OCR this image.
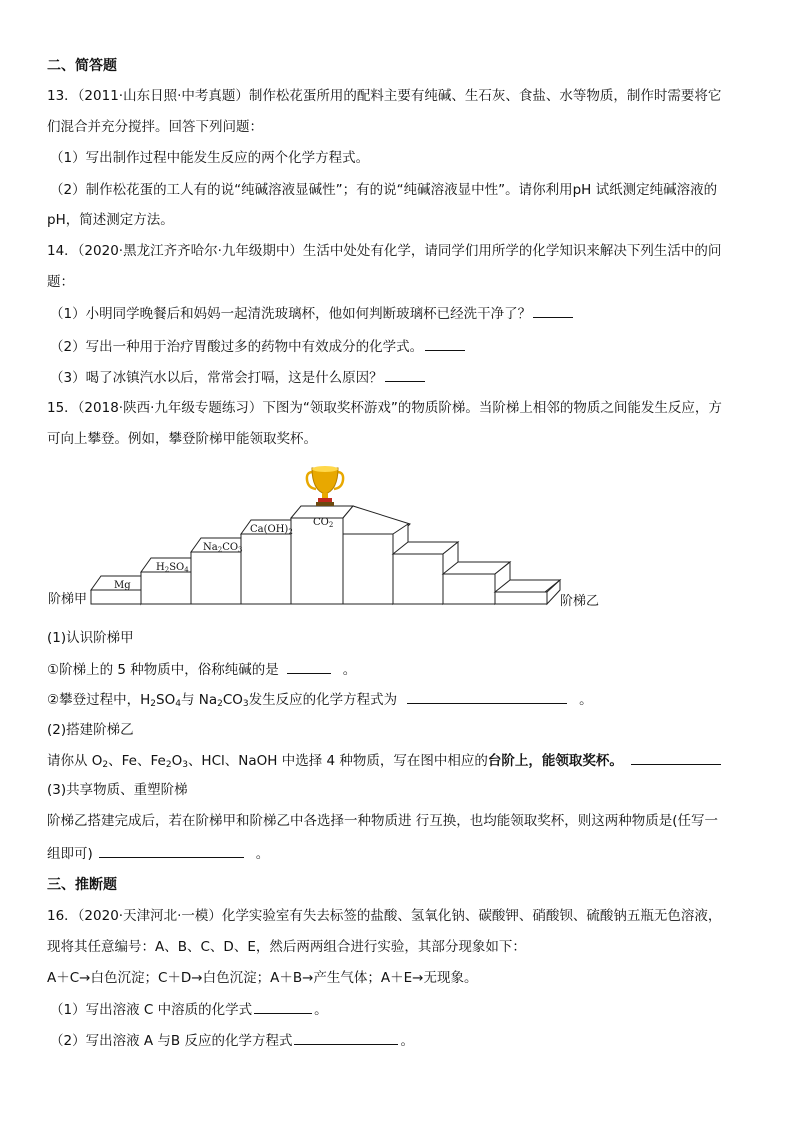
二、简答题
13．（2011·山东日照·中考真题）制作松花蛋所用的配料主要有纯碱、生石灰、食盐、水等物质，制作时需要将它
们混合并充分搅拌。回答下列问题：
（1）写出制作过程中能发生反应的两个化学方程式。
（2）制作松花蛋的工人有的说“纯碱溶液显碱性”；有的说“纯碱溶液显中性”。请你利用pH 试纸测定纯碱溶液的
pH，简述测定方法。
14．（2020·黑龙江齐齐哈尔·九年级期中）生活中处处有化学，请同学们用所学的化学知识来解决下列生活中的问
题：
（1）小明同学晚餐后和妈妈一起清洗玻璃杯，他如何判断玻璃杯已经洗干净了？
（2）写出一种用于治疗胃酸过多的药物中有效成分的化学式。
（3）喝了冰镇汽水以后，常常会打嗝，这是什么原因？
15．（2018·陕西·九年级专题练习）下图为“领取奖杯游戏”的物质阶梯。当阶梯上相邻的物质之间能发生反应，方
可向上攀登。例如，攀登阶梯甲能领取奖杯。
Mg
$H_2SO_4$
$Na_2CO_3$
$Ca(OH)_2$
$CO_2$
阶梯甲	阶梯乙
(1)认识阶梯甲
①阶梯上的 5 种物质中，俗称纯碱的是	。
②攀登过程中，$H_2SO_4$与 $Na_2CO_3$发生反应的化学方程式为	。
(2)搭建阶梯乙
请你从 $O_2$、Fe、$Fe_2O_3$、HCl、NaOH 中选择 4 种物质，写在图中相应的台阶上，能领取奖杯。
(3)共享物质、重塑阶梯
阶梯乙搭建完成后，若在阶梯甲和阶梯乙中各选择一种物质进 行互换，也均能领取奖杯，则这两种物质是(任写一
组即可)	。
三、推断题
16．（2020·天津河北·一模）化学实验室有失去标签的盐酸、氢氧化钠、碳酸钾、硝酸钡、硫酸钠五瓶无色溶液，
现将其任意编号：A、B、C、D、E，然后两两组合进行实验，其部分现象如下：
A＋C→白色沉淀；C＋D→白色沉淀；A＋B→产生气体；A＋E→无现象。
（1）写出溶液 C 中溶质的化学式	。
（2）写出溶液 A 与B 反应的化学方程式	。
